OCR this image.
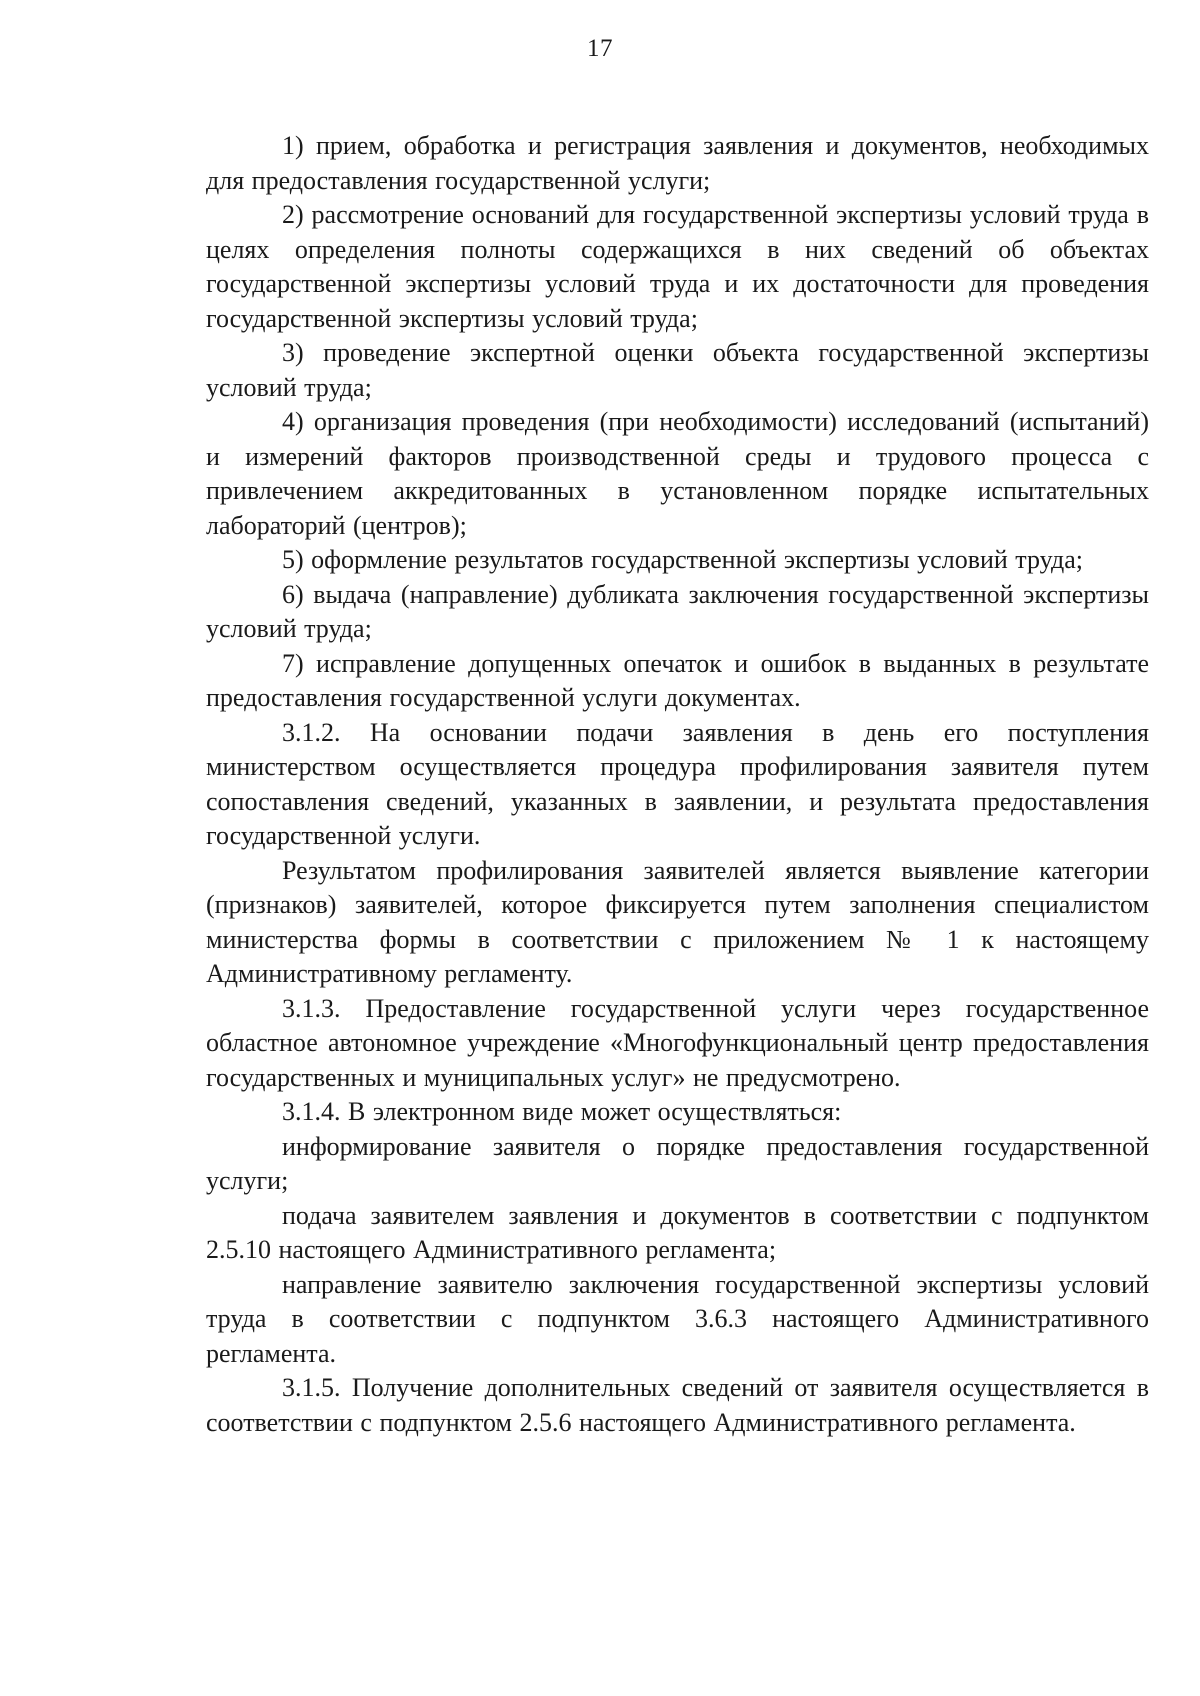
17

1) прием, обработка и регистрация заявления и документов, необходимых для предоставления государственной услуги;

2) рассмотрение оснований для государственной экспертизы условий труда в целях определения полноты содержащихся в них сведений об объектах государственной экспертизы условий труда и их достаточности для проведения государственной экспертизы условий труда;

3) проведение экспертной оценки объекта государственной экспертизы условий труда;

4) организация проведения (при необходимости) исследований (испытаний) и измерений факторов производственной среды и трудового процесса с привлечением аккредитованных в установленном порядке испытательных лабораторий (центров);

5) оформление результатов государственной экспертизы условий труда;

6) выдача (направление) дубликата заключения государственной экспертизы условий труда;

7) исправление допущенных опечаток и ошибок в выданных в результате предоставления государственной услуги документах.

3.1.2. На основании подачи заявления в день его поступления министерством осуществляется процедура профилирования заявителя путем сопоставления сведений, указанных в заявлении, и результата предоставления государственной услуги.

Результатом профилирования заявителей является выявление категории (признаков) заявителей, которое фиксируется путем заполнения специалистом министерства формы в соответствии с приложением № 1 к настоящему Административному регламенту.

3.1.3. Предоставление государственной услуги через государственное областное автономное учреждение «Многофункциональный центр предоставления государственных и муниципальных услуг» не предусмотрено.

3.1.4. В электронном виде может осуществляться:

информирование заявителя о порядке предоставления государственной услуги;

подача заявителем заявления и документов в соответствии с подпунктом 2.5.10 настоящего Административного регламента;

направление заявителю заключения государственной экспертизы условий труда в соответствии с подпунктом 3.6.3 настоящего Административного регламента.

3.1.5. Получение дополнительных сведений от заявителя осуществляется в соответствии с подпунктом 2.5.6 настоящего Административного регламента.
